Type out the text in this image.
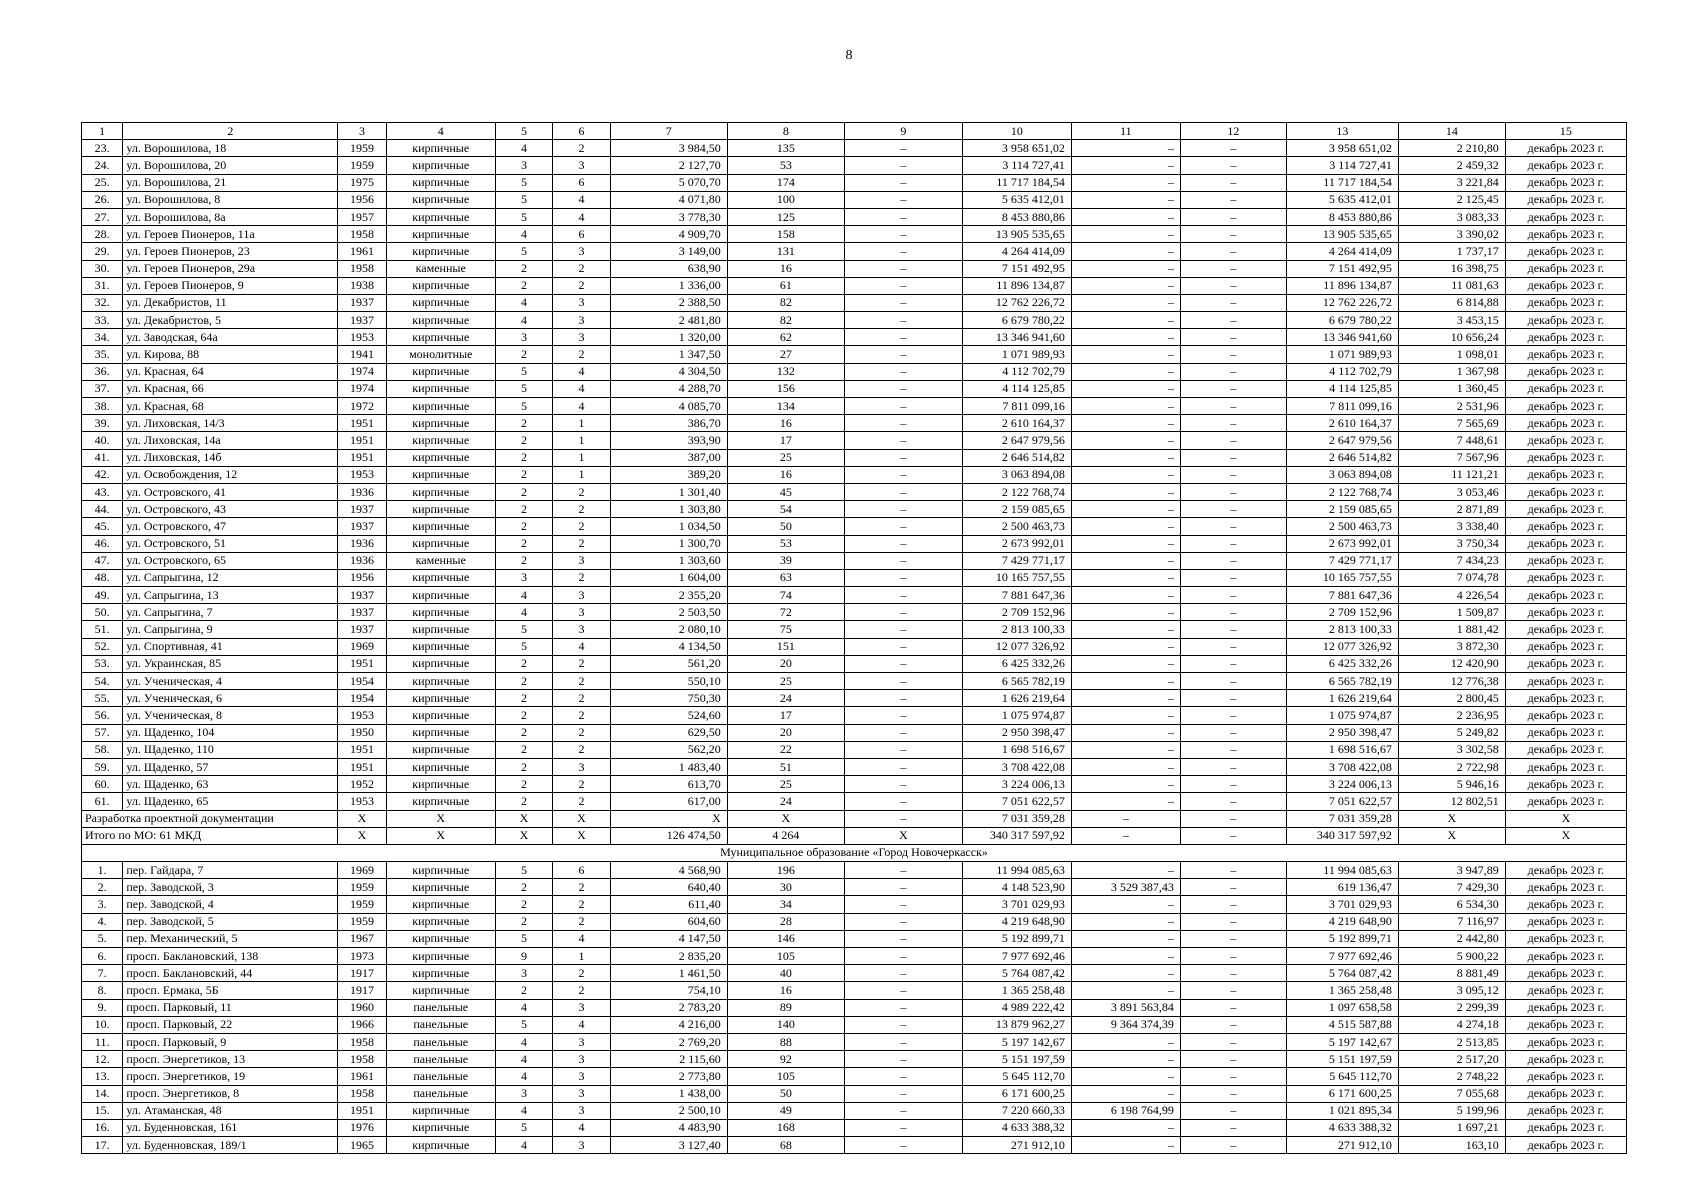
8
1	2	3	4	5	6	7	8	9	10	11	12	13	14	15
23.	ул. Ворошилова, 18	1959	кирпичные	4	2	3 984,50	135	–	3 958 651,02	–	–	3 958 651,02	2 210,80	декабрь 2023 г.
24.	ул. Ворошилова, 20	1959	кирпичные	3	3	2 127,70	53	–	3 114 727,41	–	–	3 114 727,41	2 459,32	декабрь 2023 г.
25.	ул. Ворошилова, 21	1975	кирпичные	5	6	5 070,70	174	–	11 717 184,54	–	–	11 717 184,54	3 221,84	декабрь 2023 г.
26.	ул. Ворошилова, 8	1956	кирпичные	5	4	4 071,80	100	–	5 635 412,01	–	–	5 635 412,01	2 125,45	декабрь 2023 г.
27.	ул. Ворошилова, 8а	1957	кирпичные	5	4	3 778,30	125	–	8 453 880,86	–	–	8 453 880,86	3 083,33	декабрь 2023 г.
28.	ул. Героев Пионеров, 11а	1958	кирпичные	4	6	4 909,70	158	–	13 905 535,65	–	–	13 905 535,65	3 390,02	декабрь 2023 г.
29.	ул. Героев Пионеров, 23	1961	кирпичные	5	3	3 149,00	131	–	4 264 414,09	–	–	4 264 414,09	1 737,17	декабрь 2023 г.
30.	ул. Героев Пионеров, 29а	1958	каменные	2	2	638,90	16	–	7 151 492,95	–	–	7 151 492,95	16 398,75	декабрь 2023 г.
31.	ул. Героев Пионеров, 9	1938	кирпичные	2	2	1 336,00	61	–	11 896 134,87	–	–	11 896 134,87	11 081,63	декабрь 2023 г.
32.	ул. Декабристов, 11	1937	кирпичные	4	3	2 388,50	82	–	12 762 226,72	–	–	12 762 226,72	6 814,88	декабрь 2023 г.
33.	ул. Декабристов, 5	1937	кирпичные	4	3	2 481,80	82	–	6 679 780,22	–	–	6 679 780,22	3 453,15	декабрь 2023 г.
34.	ул. Заводская, 64а	1953	кирпичные	3	3	1 320,00	62	–	13 346 941,60	–	–	13 346 941,60	10 656,24	декабрь 2023 г.
35.	ул. Кирова, 88	1941	монолитные	2	2	1 347,50	27	–	1 071 989,93	–	–	1 071 989,93	1 098,01	декабрь 2023 г.
36.	ул. Красная, 64	1974	кирпичные	5	4	4 304,50	132	–	4 112 702,79	–	–	4 112 702,79	1 367,98	декабрь 2023 г.
37.	ул. Красная, 66	1974	кирпичные	5	4	4 288,70	156	–	4 114 125,85	–	–	4 114 125,85	1 360,45	декабрь 2023 г.
38.	ул. Красная, 68	1972	кирпичные	5	4	4 085,70	134	–	7 811 099,16	–	–	7 811 099,16	2 531,96	декабрь 2023 г.
39.	ул. Лиховская, 14/3	1951	кирпичные	2	1	386,70	16	–	2 610 164,37	–	–	2 610 164,37	7 565,69	декабрь 2023 г.
40.	ул. Лиховская, 14а	1951	кирпичные	2	1	393,90	17	–	2 647 979,56	–	–	2 647 979,56	7 448,61	декабрь 2023 г.
41.	ул. Лиховская, 14б	1951	кирпичные	2	1	387,00	25	–	2 646 514,82	–	–	2 646 514,82	7 567,96	декабрь 2023 г.
42.	ул. Освобождения, 12	1953	кирпичные	2	1	389,20	16	–	3 063 894,08	–	–	3 063 894,08	11 121,21	декабрь 2023 г.
43.	ул. Островского, 41	1936	кирпичные	2	2	1 301,40	45	–	2 122 768,74	–	–	2 122 768,74	3 053,46	декабрь 2023 г.
44.	ул. Островского, 43	1937	кирпичные	2	2	1 303,80	54	–	2 159 085,65	–	–	2 159 085,65	2 871,89	декабрь 2023 г.
45.	ул. Островского, 47	1937	кирпичные	2	2	1 034,50	50	–	2 500 463,73	–	–	2 500 463,73	3 338,40	декабрь 2023 г.
46.	ул. Островского, 51	1936	кирпичные	2	2	1 300,70	53	–	2 673 992,01	–	–	2 673 992,01	3 750,34	декабрь 2023 г.
47.	ул. Островского, 65	1936	каменные	2	3	1 303,60	39	–	7 429 771,17	–	–	7 429 771,17	7 434,23	декабрь 2023 г.
48.	ул. Сапрыгина, 12	1956	кирпичные	3	2	1 604,00	63	–	10 165 757,55	–	–	10 165 757,55	7 074,78	декабрь 2023 г.
49.	ул. Сапрыгина, 13	1937	кирпичные	4	3	2 355,20	74	–	7 881 647,36	–	–	7 881 647,36	4 226,54	декабрь 2023 г.
50.	ул. Сапрыгина, 7	1937	кирпичные	4	3	2 503,50	72	–	2 709 152,96	–	–	2 709 152,96	1 509,87	декабрь 2023 г.
51.	ул. Сапрыгина, 9	1937	кирпичные	5	3	2 080,10	75	–	2 813 100,33	–	–	2 813 100,33	1 881,42	декабрь 2023 г.
52.	ул. Спортивная, 41	1969	кирпичные	5	4	4 134,50	151	–	12 077 326,92	–	–	12 077 326,92	3 872,30	декабрь 2023 г.
53.	ул. Украинская, 85	1951	кирпичные	2	2	561,20	20	–	6 425 332,26	–	–	6 425 332,26	12 420,90	декабрь 2023 г.
54.	ул. Ученическая, 4	1954	кирпичные	2	2	550,10	25	–	6 565 782,19	–	–	6 565 782,19	12 776,38	декабрь 2023 г.
55.	ул. Ученическая, 6	1954	кирпичные	2	2	750,30	24	–	1 626 219,64	–	–	1 626 219,64	2 800,45	декабрь 2023 г.
56.	ул. Ученическая, 8	1953	кирпичные	2	2	524,60	17	–	1 075 974,87	–	–	1 075 974,87	2 236,95	декабрь 2023 г.
57.	ул. Щаденко, 104	1950	кирпичные	2	2	629,50	20	–	2 950 398,47	–	–	2 950 398,47	5 249,82	декабрь 2023 г.
58.	ул. Щаденко, 110	1951	кирпичные	2	2	562,20	22	–	1 698 516,67	–	–	1 698 516,67	3 302,58	декабрь 2023 г.
59.	ул. Щаденко, 57	1951	кирпичные	2	3	1 483,40	51	–	3 708 422,08	–	–	3 708 422,08	2 722,98	декабрь 2023 г.
60.	ул. Щаденко, 63	1952	кирпичные	2	2	613,70	25	–	3 224 006,13	–	–	3 224 006,13	5 946,16	декабрь 2023 г.
61.	ул. Щаденко, 65	1953	кирпичные	2	2	617,00	24	–	7 051 622,57	–	–	7 051 622,57	12 802,51	декабрь 2023 г.
Разработка проектной документации		X	X	X	X	X	X	–	7 031 359,28	–	–	7 031 359,28	X	X
Итого по МО: 61 МКД		X	X	X	X	126 474,50	4 264	X	340 317 597,92	–	–	340 317 597,92	X	X
Муниципальное образование «Город Новочеркасск»														
1.	пер. Гайдара, 7	1969	кирпичные	5	6	4 568,90	196	–	11 994 085,63	–	–	11 994 085,63	3 947,89	декабрь 2023 г.
2.	пер. Заводской, 3	1959	кирпичные	2	2	640,40	30	–	4 148 523,90	3 529 387,43	–	619 136,47	7 429,30	декабрь 2023 г.
3.	пер. Заводской, 4	1959	кирпичные	2	2	611,40	34	–	3 701 029,93	–	–	3 701 029,93	6 534,30	декабрь 2023 г.
4.	пер. Заводской, 5	1959	кирпичные	2	2	604,60	28	–	4 219 648,90	–	–	4 219 648,90	7 116,97	декабрь 2023 г.
5.	пер. Механический, 5	1967	кирпичные	5	4	4 147,50	146	–	5 192 899,71	–	–	5 192 899,71	2 442,80	декабрь 2023 г.
6.	просп. Баклановский, 138	1973	кирпичные	9	1	2 835,20	105	–	7 977 692,46	–	–	7 977 692,46	5 900,22	декабрь 2023 г.
7.	просп. Баклановский, 44	1917	кирпичные	3	2	1 461,50	40	–	5 764 087,42	–	–	5 764 087,42	8 881,49	декабрь 2023 г.
8.	просп. Ермака, 5Б	1917	кирпичные	2	2	754,10	16	–	1 365 258,48	–	–	1 365 258,48	3 095,12	декабрь 2023 г.
9.	просп. Парковый, 11	1960	панельные	4	3	2 783,20	89	–	4 989 222,42	3 891 563,84	–	1 097 658,58	2 299,39	декабрь 2023 г.
10.	просп. Парковый, 22	1966	панельные	5	4	4 216,00	140	–	13 879 962,27	9 364 374,39	–	4 515 587,88	4 274,18	декабрь 2023 г.
11.	просп. Парковый, 9	1958	панельные	4	3	2 769,20	88	–	5 197 142,67	–	–	5 197 142,67	2 513,85	декабрь 2023 г.
12.	просп. Энергетиков, 13	1958	панельные	4	3	2 115,60	92	–	5 151 197,59	–	–	5 151 197,59	2 517,20	декабрь 2023 г.
13.	просп. Энергетиков, 19	1961	панельные	4	3	2 773,80	105	–	5 645 112,70	–	–	5 645 112,70	2 748,22	декабрь 2023 г.
14.	просп. Энергетиков, 8	1958	панельные	3	3	1 438,00	50	–	6 171 600,25	–	–	6 171 600,25	7 055,68	декабрь 2023 г.
15.	ул. Атаманская, 48	1951	кирпичные	4	3	2 500,10	49	–	7 220 660,33	6 198 764,99	–	1 021 895,34	5 199,96	декабрь 2023 г.
16.	ул. Буденновская, 161	1976	кирпичные	5	4	4 483,90	168	–	4 633 388,32	–	–	4 633 388,32	1 697,21	декабрь 2023 г.
17.	ул. Буденновская, 189/1	1965	кирпичные	4	3	3 127,40	68	–	271 912,10	–	–	271 912,10	163,10	декабрь 2023 г.
